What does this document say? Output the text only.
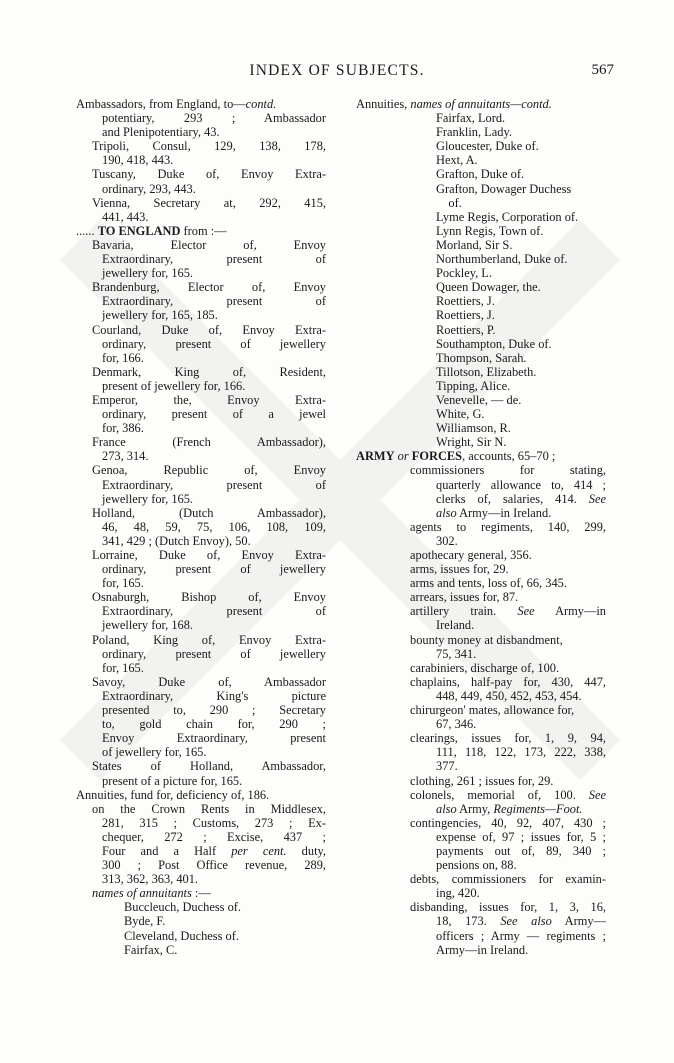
INDEX OF SUBJECTS.	567
Ambassadors, from England, to—contd.
potentiary, 293 ; Ambassador
and Plenipotentiary, 43.
Tripoli, Consul, 129, 138, 178,
190, 418, 443.
Tuscany, Duke of, Envoy Extra-
ordinary, 293, 443.
Vienna, Secretary at, 292, 415,
441, 443.
...... TO ENGLAND from :—
Bavaria, Elector of, Envoy
Extraordinary, present of
jewellery for, 165.
Brandenburg, Elector of, Envoy
Extraordinary, present of
jewellery for, 165, 185.
Courland, Duke of, Envoy Extra-
ordinary, present of jewellery
for, 166.
Denmark, King of, Resident,
present of jewellery for, 166.
Emperor, the, Envoy Extra-
ordinary, present of a jewel
for, 386.
France (French Ambassador),
273, 314.
Genoa, Republic of, Envoy
Extraordinary, present of
jewellery for, 165.
Holland, (Dutch Ambassador),
46, 48, 59, 75, 106, 108, 109,
341, 429 ; (Dutch Envoy), 50.
Lorraine, Duke of, Envoy Extra-
ordinary, present of jewellery
for, 165.
Osnaburgh, Bishop of, Envoy
Extraordinary, present of
jewellery for, 168.
Poland, King of, Envoy Extra-
ordinary, present of jewellery
for, 165.
Savoy, Duke of, Ambassador
Extraordinary, King's picture
presented to, 290 ; Secretary
to, gold chain for, 290 ;
Envoy Extraordinary, present
of jewellery for, 165.
States of Holland, Ambassador,
present of a picture for, 165.
Annuities, fund for, deficiency of, 186.
on the Crown Rents in Middlesex,
281, 315 ; Customs, 273 ; Ex-
chequer, 272 ; Excise, 437 ;
Four and a Half per cent. duty,
300 ; Post Office revenue, 289,
313, 362, 363, 401.
names of annuitants :—
Buccleuch, Duchess of.
Byde, F.
Cleveland, Duchess of.
Fairfax, C.
Annuities, names of annuitants—contd.
Fairfax, Lord.
Franklin, Lady.
Gloucester, Duke of.
Hext, A.
Grafton, Duke of.
Grafton, Dowager Duchess
of.
Lyme Regis, Corporation of.
Lynn Regis, Town of.
Morland, Sir S.
Northumberland, Duke of.
Pockley, L.
Queen Dowager, the.
Roettiers, J.
Roettiers, J.
Roettiers, P.
Southampton, Duke of.
Thompson, Sarah.
Tillotson, Elizabeth.
Tipping, Alice.
Venevelle, — de.
White, G.
Williamson, R.
Wright, Sir N.
ARMY or FORCES, accounts, 65–70 ;
commissioners for stating,
quarterly allowance to, 414 ;
clerks of, salaries, 414. See
also Army—in Ireland.
agents to regiments, 140, 299,
302.
apothecary general, 356.
arms, issues for, 29.
arms and tents, loss of, 66, 345.
arrears, issues for, 87.
artillery train. See Army—in
Ireland.
bounty money at disbandment,
75, 341.
carabiniers, discharge of, 100.
chaplains, half-pay for, 430, 447,
448, 449, 450, 452, 453, 454.
chirurgeon' mates, allowance for,
67, 346.
clearings, issues for, 1, 9, 94,
111, 118, 122, 173, 222, 338,
377.
clothing, 261 ; issues for, 29.
colonels, memorial of, 100. See
also Army, Regiments—Foot.
contingencies, 40, 92, 407, 430 ;
expense of, 97 ; issues for, 5 ;
payments out of, 89, 340 ;
pensions on, 88.
debts, commissioners for examin-
ing, 420.
disbanding, issues for, 1, 3, 16,
18, 173. See also Army—
officers ; Army — regiments ;
Army—in Ireland.
